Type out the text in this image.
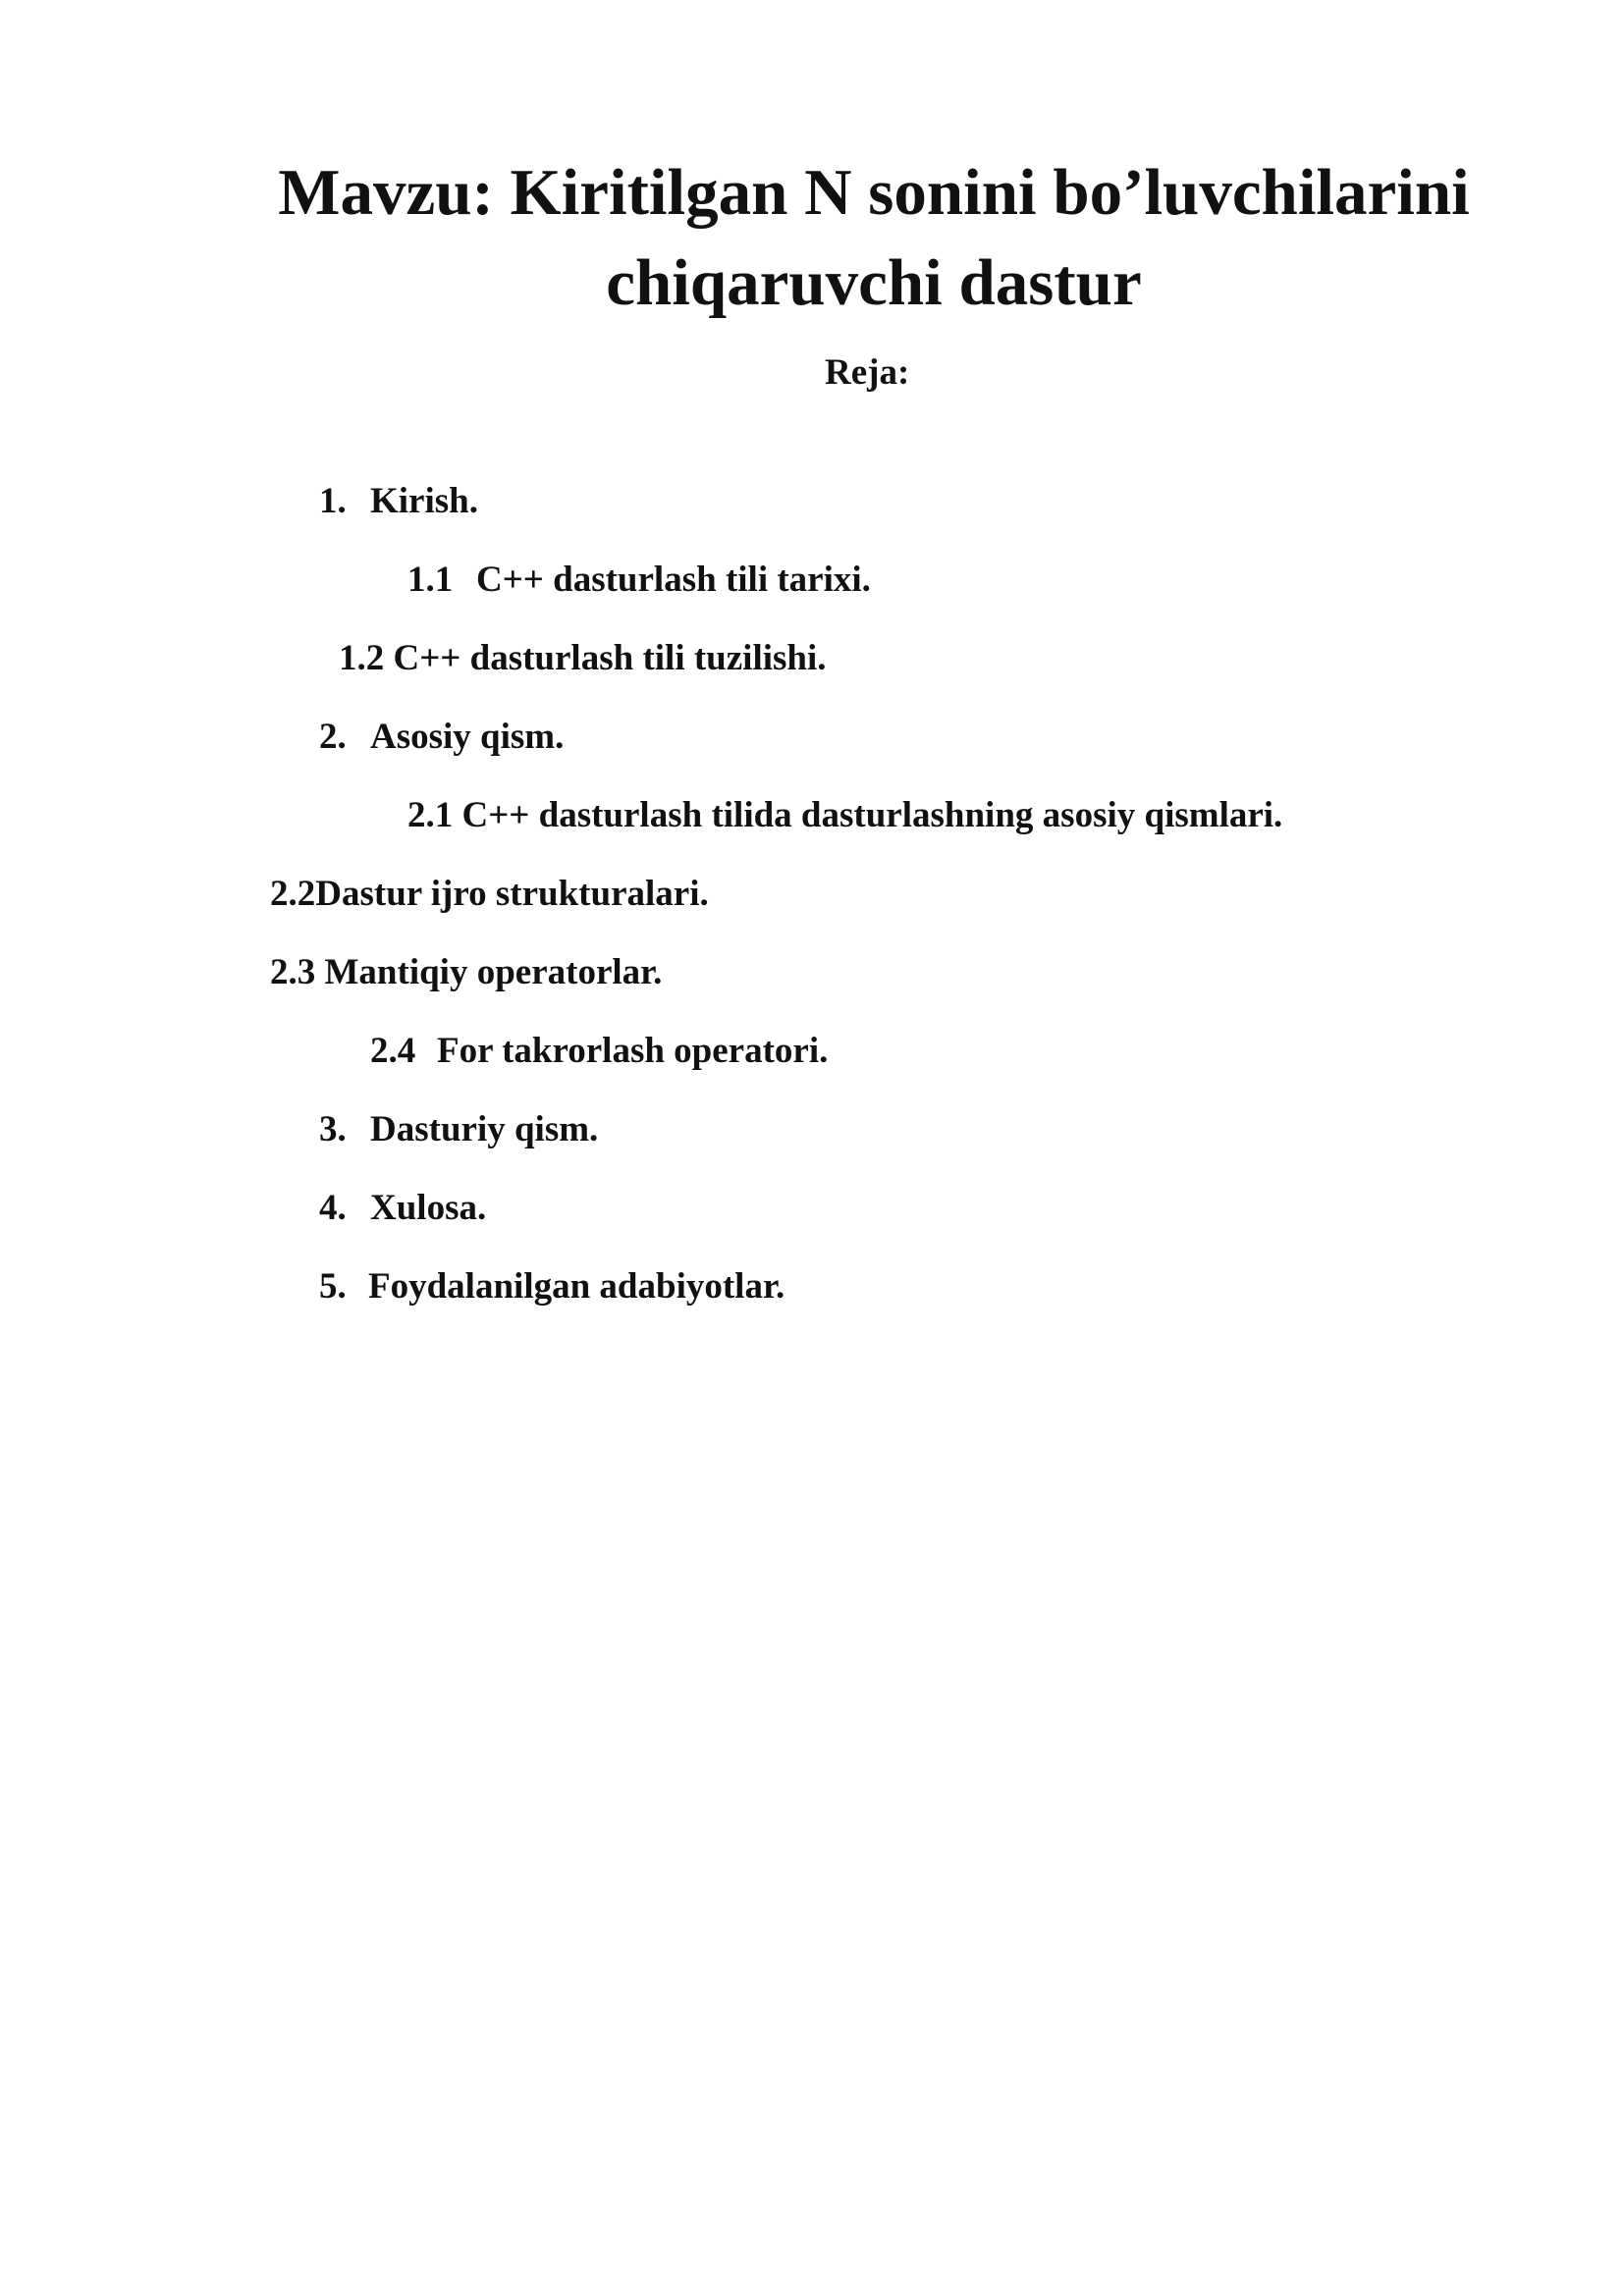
Mavzu: Kiritilgan N sonini bo’luvchilarini chiqaruvchi dastur
Reja:

1. Kirish.

1.1 C++ dasturlash tili tarixi.

1.2 C++ dasturlash tili tuzilishi.

2. Asosiy qism.

2.1 C++ dasturlash tilida dasturlashning asosiy qismlari.

2.2Dastur ijro strukturalari.

2.3 Mantiqiy operatorlar.

2.4 For takrorlash operatori.

3. Dasturiy qism.

4. Xulosa.

5. Foydalanilgan adabiyotlar.
